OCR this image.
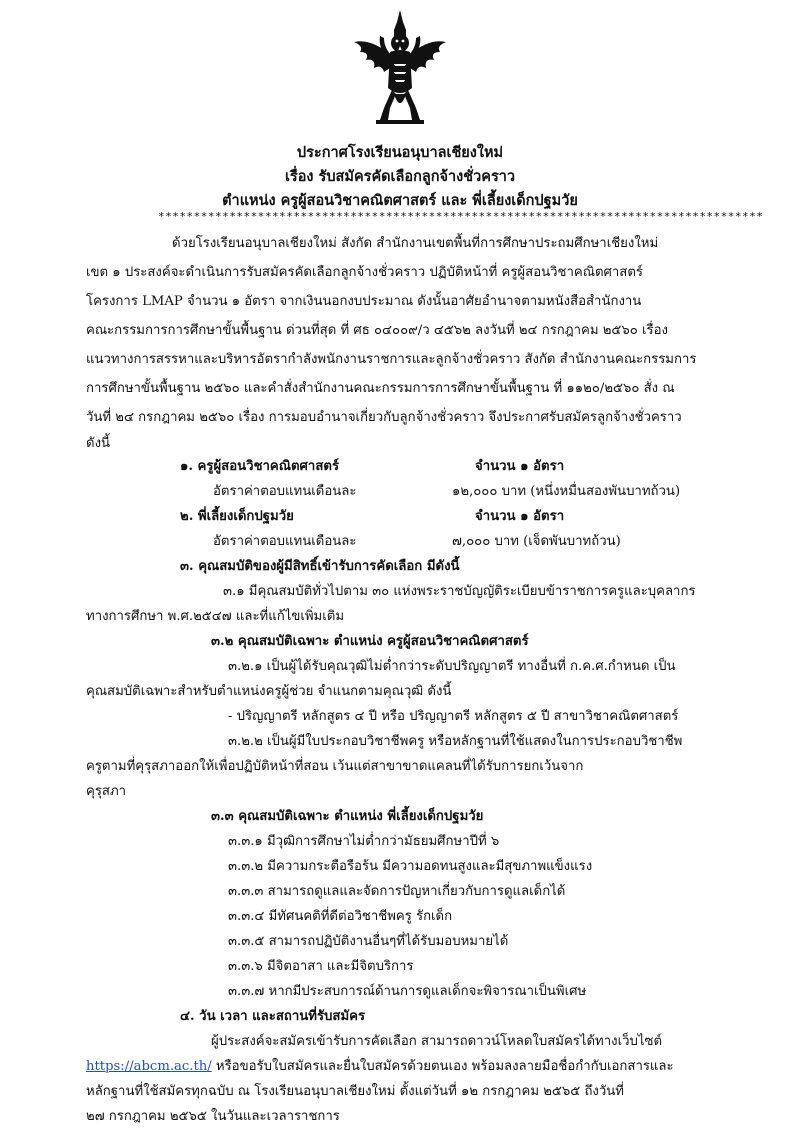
ประกาศโรงเรียนอนุบาลเชียงใหม่
เรื่อง รับสมัครคัดเลือกลูกจ้างชั่วคราว
ตำแหน่ง ครูผู้สอนวิชาคณิตศาสตร์ และ พี่เลี้ยงเด็กปฐมวัย
*************************************************************************************
ด้วยโรงเรียนอนุบาลเชียงใหม่ สังกัด สำนักงานเขตพื้นที่การศึกษาประถมศึกษาเชียงใหม่
เขต ๑ ประสงค์จะดำเนินการรับสมัครคัดเลือกลูกจ้างชั่วคราว ปฏิบัติหน้าที่ ครูผู้สอนวิชาคณิตศาสตร์
โครงการ LMAP จำนวน ๑ อัตรา จากเงินนอกงบประมาณ ดังนั้นอาศัยอำนาจตามหนังสือสำนักงาน
คณะกรรมการการศึกษาขั้นพื้นฐาน ด่วนที่สุด ที่ ศธ ๐๔๐๐๙/ว ๔๕๖๒ ลงวันที่ ๒๔ กรกฎาคม ๒๕๖๐ เรื่อง
แนวทางการสรรหาและบริหารอัตรากำลังพนักงานราชการและลูกจ้างชั่วคราว สังกัด สำนักงานคณะกรรมการ
การศึกษาขั้นพื้นฐาน ๒๕๖๐ และคำสั่งสำนักงานคณะกรรมการการศึกษาขั้นพื้นฐาน ที่ ๑๑๒๐/๒๕๖๐ สั่ง ณ
วันที่ ๒๔ กรกฎาคม ๒๕๖๐ เรื่อง การมอบอำนาจเกี่ยวกับลูกจ้างชั่วคราว จึงประกาศรับสมัครลูกจ้างชั่วคราว
ดังนี้
๑. ครูผู้สอนวิชาคณิตศาสตร์	จำนวน ๑ อัตรา
อัตราค่าตอบแทนเดือนละ	๑๒,๐๐๐ บาท (หนึ่งหมื่นสองพันบาทถ้วน)
๒. พี่เลี้ยงเด็กปฐมวัย	จำนวน ๑ อัตรา
อัตราค่าตอบแทนเดือนละ	๗,๐๐๐ บาท (เจ็ดพันบาทถ้วน)
๓. คุณสมบัติของผู้มีสิทธิ์เข้ารับการคัดเลือก มีดังนี้
๓.๑ มีคุณสมบัติทั่วไปตาม ๓๐ แห่งพระราชบัญญัติระเบียบข้าราชการครูและบุคลากร
ทางการศึกษา พ.ศ.๒๕๔๗ และที่แก้ไขเพิ่มเติม
๓.๒ คุณสมบัติเฉพาะ ตำแหน่ง ครูผู้สอนวิชาคณิตศาสตร์
๓.๒.๑ เป็นผู้ได้รับคุณวุฒิไม่ต่ำกว่าระดับปริญญาตรี ทางอื่นที่ ก.ค.ศ.กำหนด เป็น
คุณสมบัติเฉพาะสำหรับตำแหน่งครูผู้ช่วย จำแนกตามคุณวุฒิ ดังนี้
- ปริญญาตรี หลักสูตร ๔ ปี หรือ ปริญญาตรี หลักสูตร ๕ ปี สาขาวิชาคณิตศาสตร์
๓.๒.๒ เป็นผู้มีใบประกอบวิชาชีพครู หรือหลักฐานที่ใช้แสดงในการประกอบวิชาชีพ
ครูตามที่คุรุสภาออกให้เพื่อปฏิบัติหน้าที่สอน เว้นแต่สาขาขาดแคลนที่ได้รับการยกเว้นจาก
คุรุสภา
๓.๓ คุณสมบัติเฉพาะ ตำแหน่ง พี่เลี้ยงเด็กปฐมวัย
๓.๓.๑ มีวุฒิการศึกษาไม่ต่ำกว่ามัธยมศึกษาปีที่ ๖
๓.๓.๒ มีความกระตือรือร้น มีความอดทนสูงและมีสุขภาพแข็งแรง
๓.๓.๓ สามารถดูแลและจัดการปัญหาเกี่ยวกับการดูแลเด็กได้
๓.๓.๔ มีทัศนคติที่ดีต่อวิชาชีพครู รักเด็ก
๓.๓.๕ สามารถปฏิบัติงานอื่นๆที่ได้รับมอบหมายได้
๓.๓.๖ มีจิตอาสา และมีจิตบริการ
๓.๓.๗ หากมีประสบการณ์ด้านการดูแลเด็กจะพิจารณาเป็นพิเศษ
๔. วัน เวลา และสถานที่รับสมัคร
ผู้ประสงค์จะสมัครเข้ารับการคัดเลือก สามารถดาวน์โหลดใบสมัครได้ทางเว็บไซต์
https://abcm.ac.th/ หรือขอรับใบสมัครและยื่นใบสมัครด้วยตนเอง พร้อมลงลายมือชื่อกำกับเอกสารและ
หลักฐานที่ใช้สมัครทุกฉบับ ณ โรงเรียนอนุบาลเชียงใหม่ ตั้งแต่วันที่ ๑๒ กรกฎาคม ๒๕๖๕ ถึงวันที่
๒๗ กรกฎาคม ๒๕๖๕ ในวันและเวลาราชการ
